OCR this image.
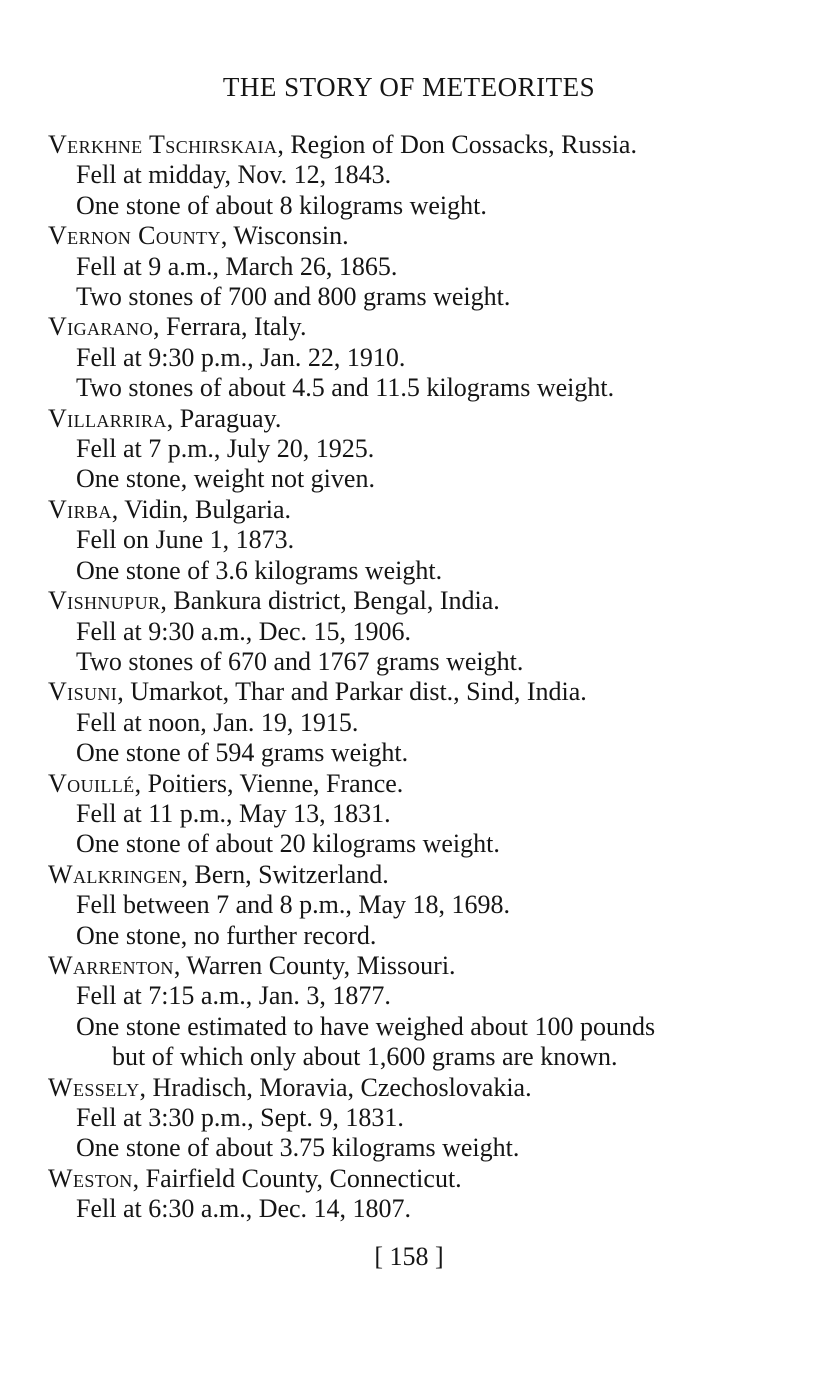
THE STORY OF METEORITES
Verkhne Tschirskaia, Region of Don Cossacks, Russia.
Fell at midday, Nov. 12, 1843.
One stone of about 8 kilograms weight.
Vernon County, Wisconsin.
Fell at 9 a.m., March 26, 1865.
Two stones of 700 and 800 grams weight.
Vigarano, Ferrara, Italy.
Fell at 9:30 p.m., Jan. 22, 1910.
Two stones of about 4.5 and 11.5 kilograms weight.
Villarrira, Paraguay.
Fell at 7 p.m., July 20, 1925.
One stone, weight not given.
Virba, Vidin, Bulgaria.
Fell on June 1, 1873.
One stone of 3.6 kilograms weight.
Vishnupur, Bankura district, Bengal, India.
Fell at 9:30 a.m., Dec. 15, 1906.
Two stones of 670 and 1767 grams weight.
Visuni, Umarkot, Thar and Parkar dist., Sind, India.
Fell at noon, Jan. 19, 1915.
One stone of 594 grams weight.
Vouillé, Poitiers, Vienne, France.
Fell at 11 p.m., May 13, 1831.
One stone of about 20 kilograms weight.
Walkringen, Bern, Switzerland.
Fell between 7 and 8 p.m., May 18, 1698.
One stone, no further record.
Warrenton, Warren County, Missouri.
Fell at 7:15 a.m., Jan. 3, 1877.
One stone estimated to have weighed about 100 pounds
but of which only about 1,600 grams are known.
Wessely, Hradisch, Moravia, Czechoslovakia.
Fell at 3:30 p.m., Sept. 9, 1831.
One stone of about 3.75 kilograms weight.
Weston, Fairfield County, Connecticut.
Fell at 6:30 a.m., Dec. 14, 1807.
[ 158 ]
